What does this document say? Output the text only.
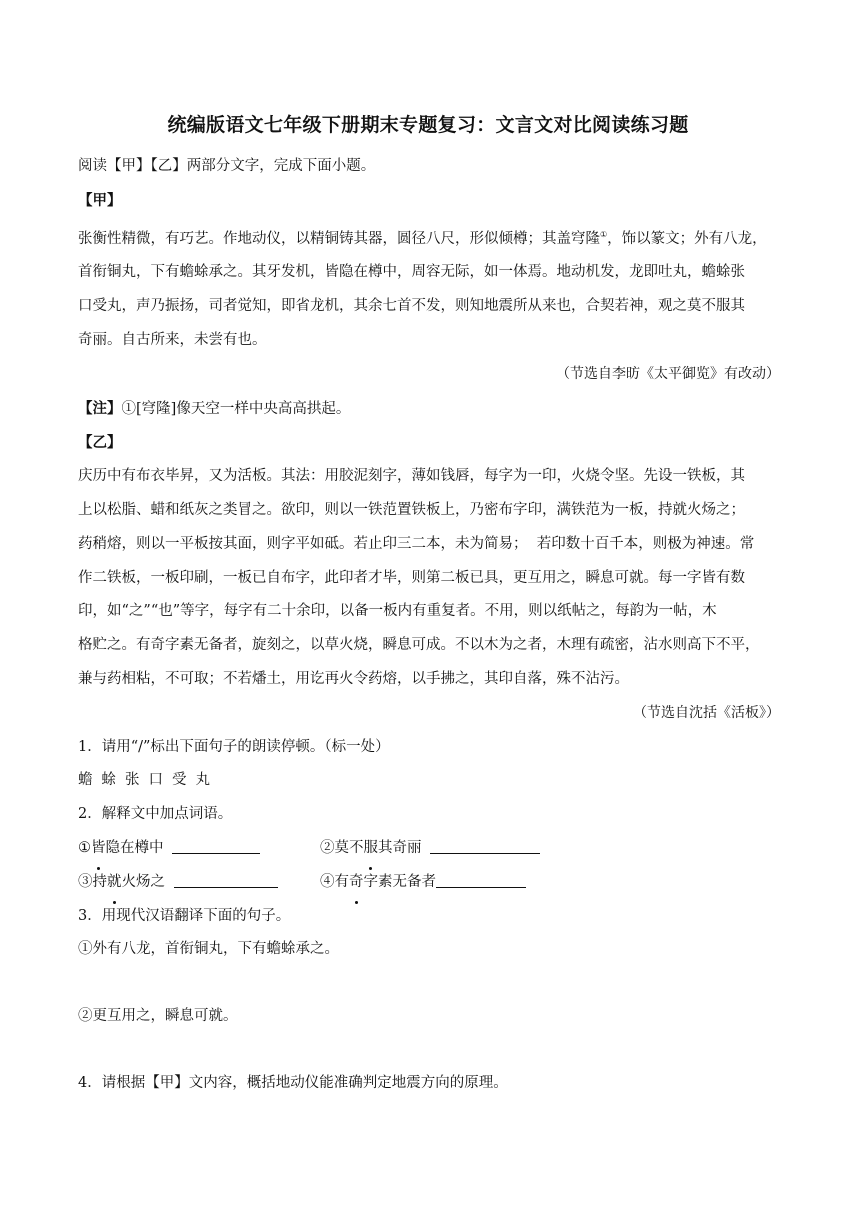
统编版语文七年级下册期末专题复习：文言文对比阅读练习题
阅读【甲】【乙】两部分文字，完成下面小题。
【甲】
张衡性精微，有巧艺。作地动仪，以精铜铸其器，圆径八尺，形似倾樽；其盖穹隆①，饰以篆文；外有八龙，
首衔铜丸，下有蟾蜍承之。其牙发机，皆隐在樽中，周容无际，如一体焉。地动机发，龙即吐丸，蟾蜍张
口受丸，声乃振扬，司者觉知，即省龙机，其余七首不发，则知地震所从来也，合契若神，观之莫不服其
奇丽。自古所来，未尝有也。
（节选自李昉《太平御览》有改动）
【注】①[穹隆]像天空一样中央高高拱起。
【乙】
庆历中有布衣毕昇，又为活板。其法：用胶泥刻字，薄如钱唇，每字为一印，火烧令坚。先设一铁板，其
上以松脂、蜡和纸灰之类冒之。欲印，则以一铁范置铁板上，乃密布字印，满铁范为一板，持就火炀之；
药稍熔，则以一平板按其面，则字平如砥。若止印三二本，未为简易；  若印数十百千本，则极为神速。常
作二铁板，一板印刷，一板已自布字，此印者才毕，则第二板已具，更互用之，瞬息可就。每一字皆有数
印，如“之”“也”等字，每字有二十余印，以备一板内有重复者。不用，则以纸帖之，每韵为一帖，木
格贮之。有奇字素无备者，旋刻之，以草火烧，瞬息可成。不以木为之者，木理有疏密，沾水则高下不平，
兼与药相粘，不可取；不若燔土，用讫再火令药熔，以手拂之，其印自落，殊不沾污。
（节选自沈括《活板》）
1．请用“/”标出下面句子的朗读停顿。（标一处）
蟾蜍张口受丸
2．解释文中加点词语。
①皆隐在樽中	②莫不服其奇丽
③持就火炀之	④有奇字素无备者
3．用现代汉语翻译下面的句子。
①外有八龙，首衔铜丸，下有蟾蜍承之。
②更互用之，瞬息可就。
4．请根据【甲】文内容，概括地动仪能准确判定地震方向的原理。
